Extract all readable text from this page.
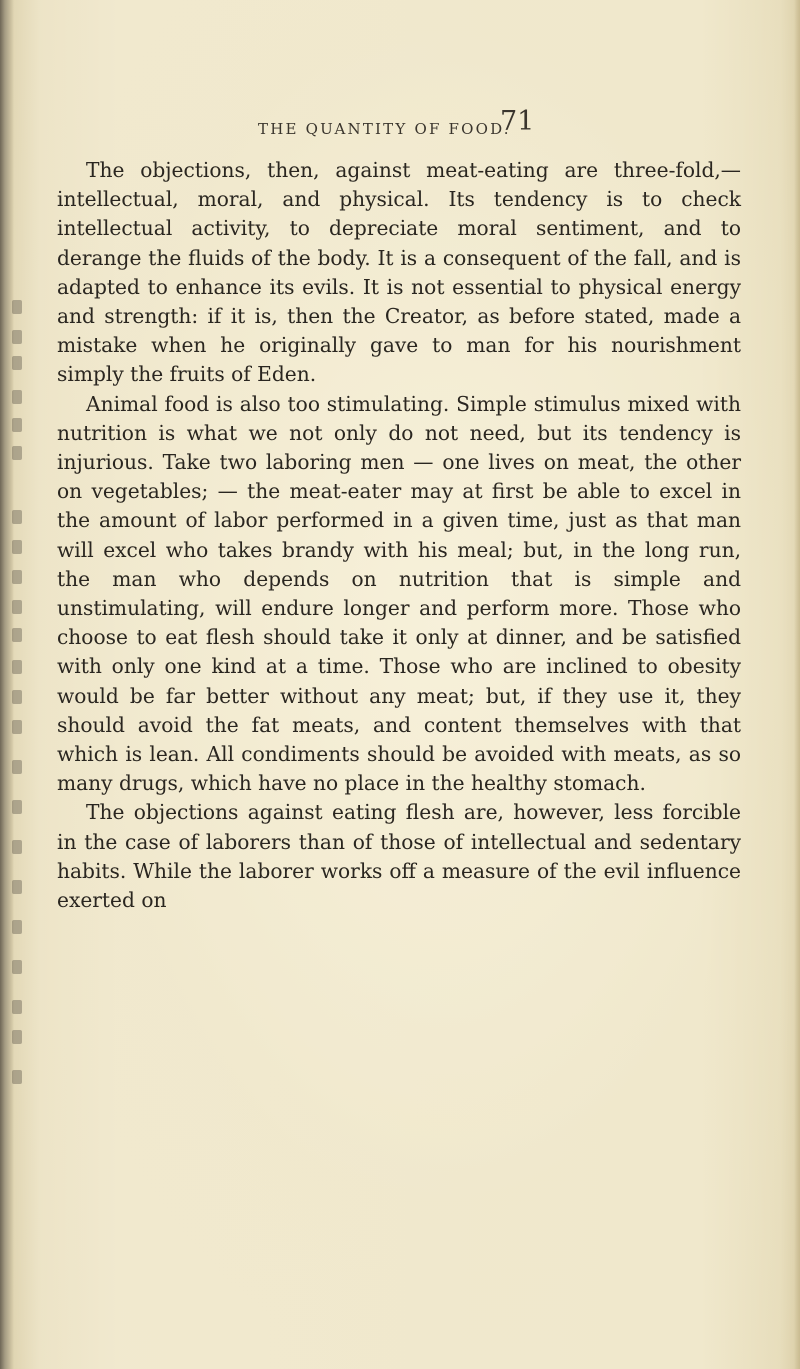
THE QUANTITY OF FOOD.
71

The objections, then, against meat-eating are three-fold,—intellectual, moral, and physical. Its tendency is to check intellectual activity, to depreciate moral sentiment, and to derange the fluids of the body. It is a consequent of the fall, and is adapted to enhance its evils. It is not essential to physical energy and strength: if it is, then the Creator, as before stated, made a mistake when he originally gave to man for his nourishment simply the fruits of Eden.

Animal food is also too stimulating. Simple stimulus mixed with nutrition is what we not only do not need, but its tendency is injurious. Take two laboring men — one lives on meat, the other on vegetables; — the meat-eater may at first be able to excel in the amount of labor performed in a given time, just as that man will excel who takes brandy with his meal; but, in the long run, the man who depends on nutrition that is simple and unstimulating, will endure longer and perform more. Those who choose to eat flesh should take it only at dinner, and be satisfied with only one kind at a time. Those who are inclined to obesity would be far better without any meat; but, if they use it, they should avoid the fat meats, and content themselves with that which is lean. All condiments should be avoided with meats, as so many drugs, which have no place in the healthy stomach.

The objections against eating flesh are, however, less forcible in the case of laborers than of those of intellectual and sedentary habits. While the laborer works off a measure of the evil influence exerted on
